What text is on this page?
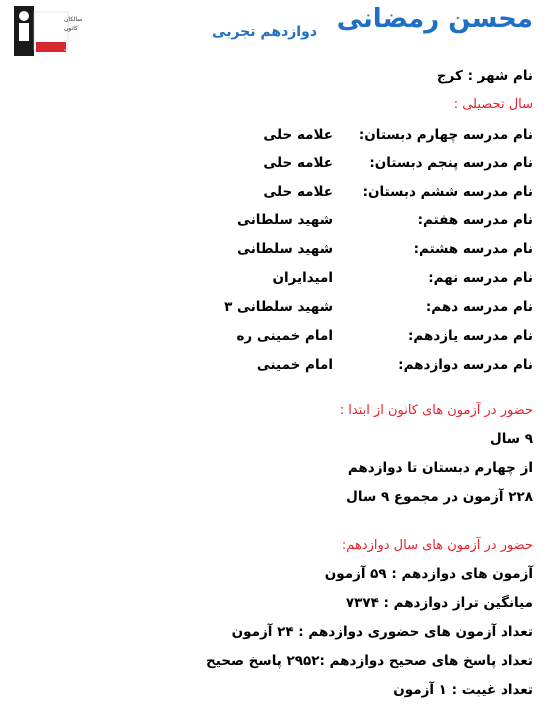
سالکان
کانون
قلمچی
محسن رمضانی
دوازدهم تجربی
نام شهر : کرج
سال تحصیلی :
نام مدرسه چهارم دبستان:
علامه حلی
نام مدرسه پنجم دبستان:
علامه حلی
نام مدرسه ششم دبستان:
علامه حلی
نام مدرسه هفتم:
شهید سلطانی
نام مدرسه هشتم:
شهید سلطانی
نام مدرسه نهم:
امیدایران
نام مدرسه دهم:
شهید سلطانی ۳
نام مدرسه یازدهم:
امام خمینی ره
نام مدرسه دوازدهم:
امام خمینی
حضور در آزمون های کانون از ابتدا :
۹ سال
از چهارم دبستان تا دوازدهم
۲۲۸ آزمون در مجموع ۹ سال
حضور در آزمون های سال دوازدهم:
آزمون های دوازدهم : ۵۹ آزمون
میانگین تراز دوازدهم : ۷۳۷۴
تعداد آزمون های حضوری دوازدهم : ۲۴ آزمون
تعداد پاسخ های صحیح دوازدهم :۲۹۵۲ پاسخ صحیح
تعداد غیبت : ۱ آزمون
